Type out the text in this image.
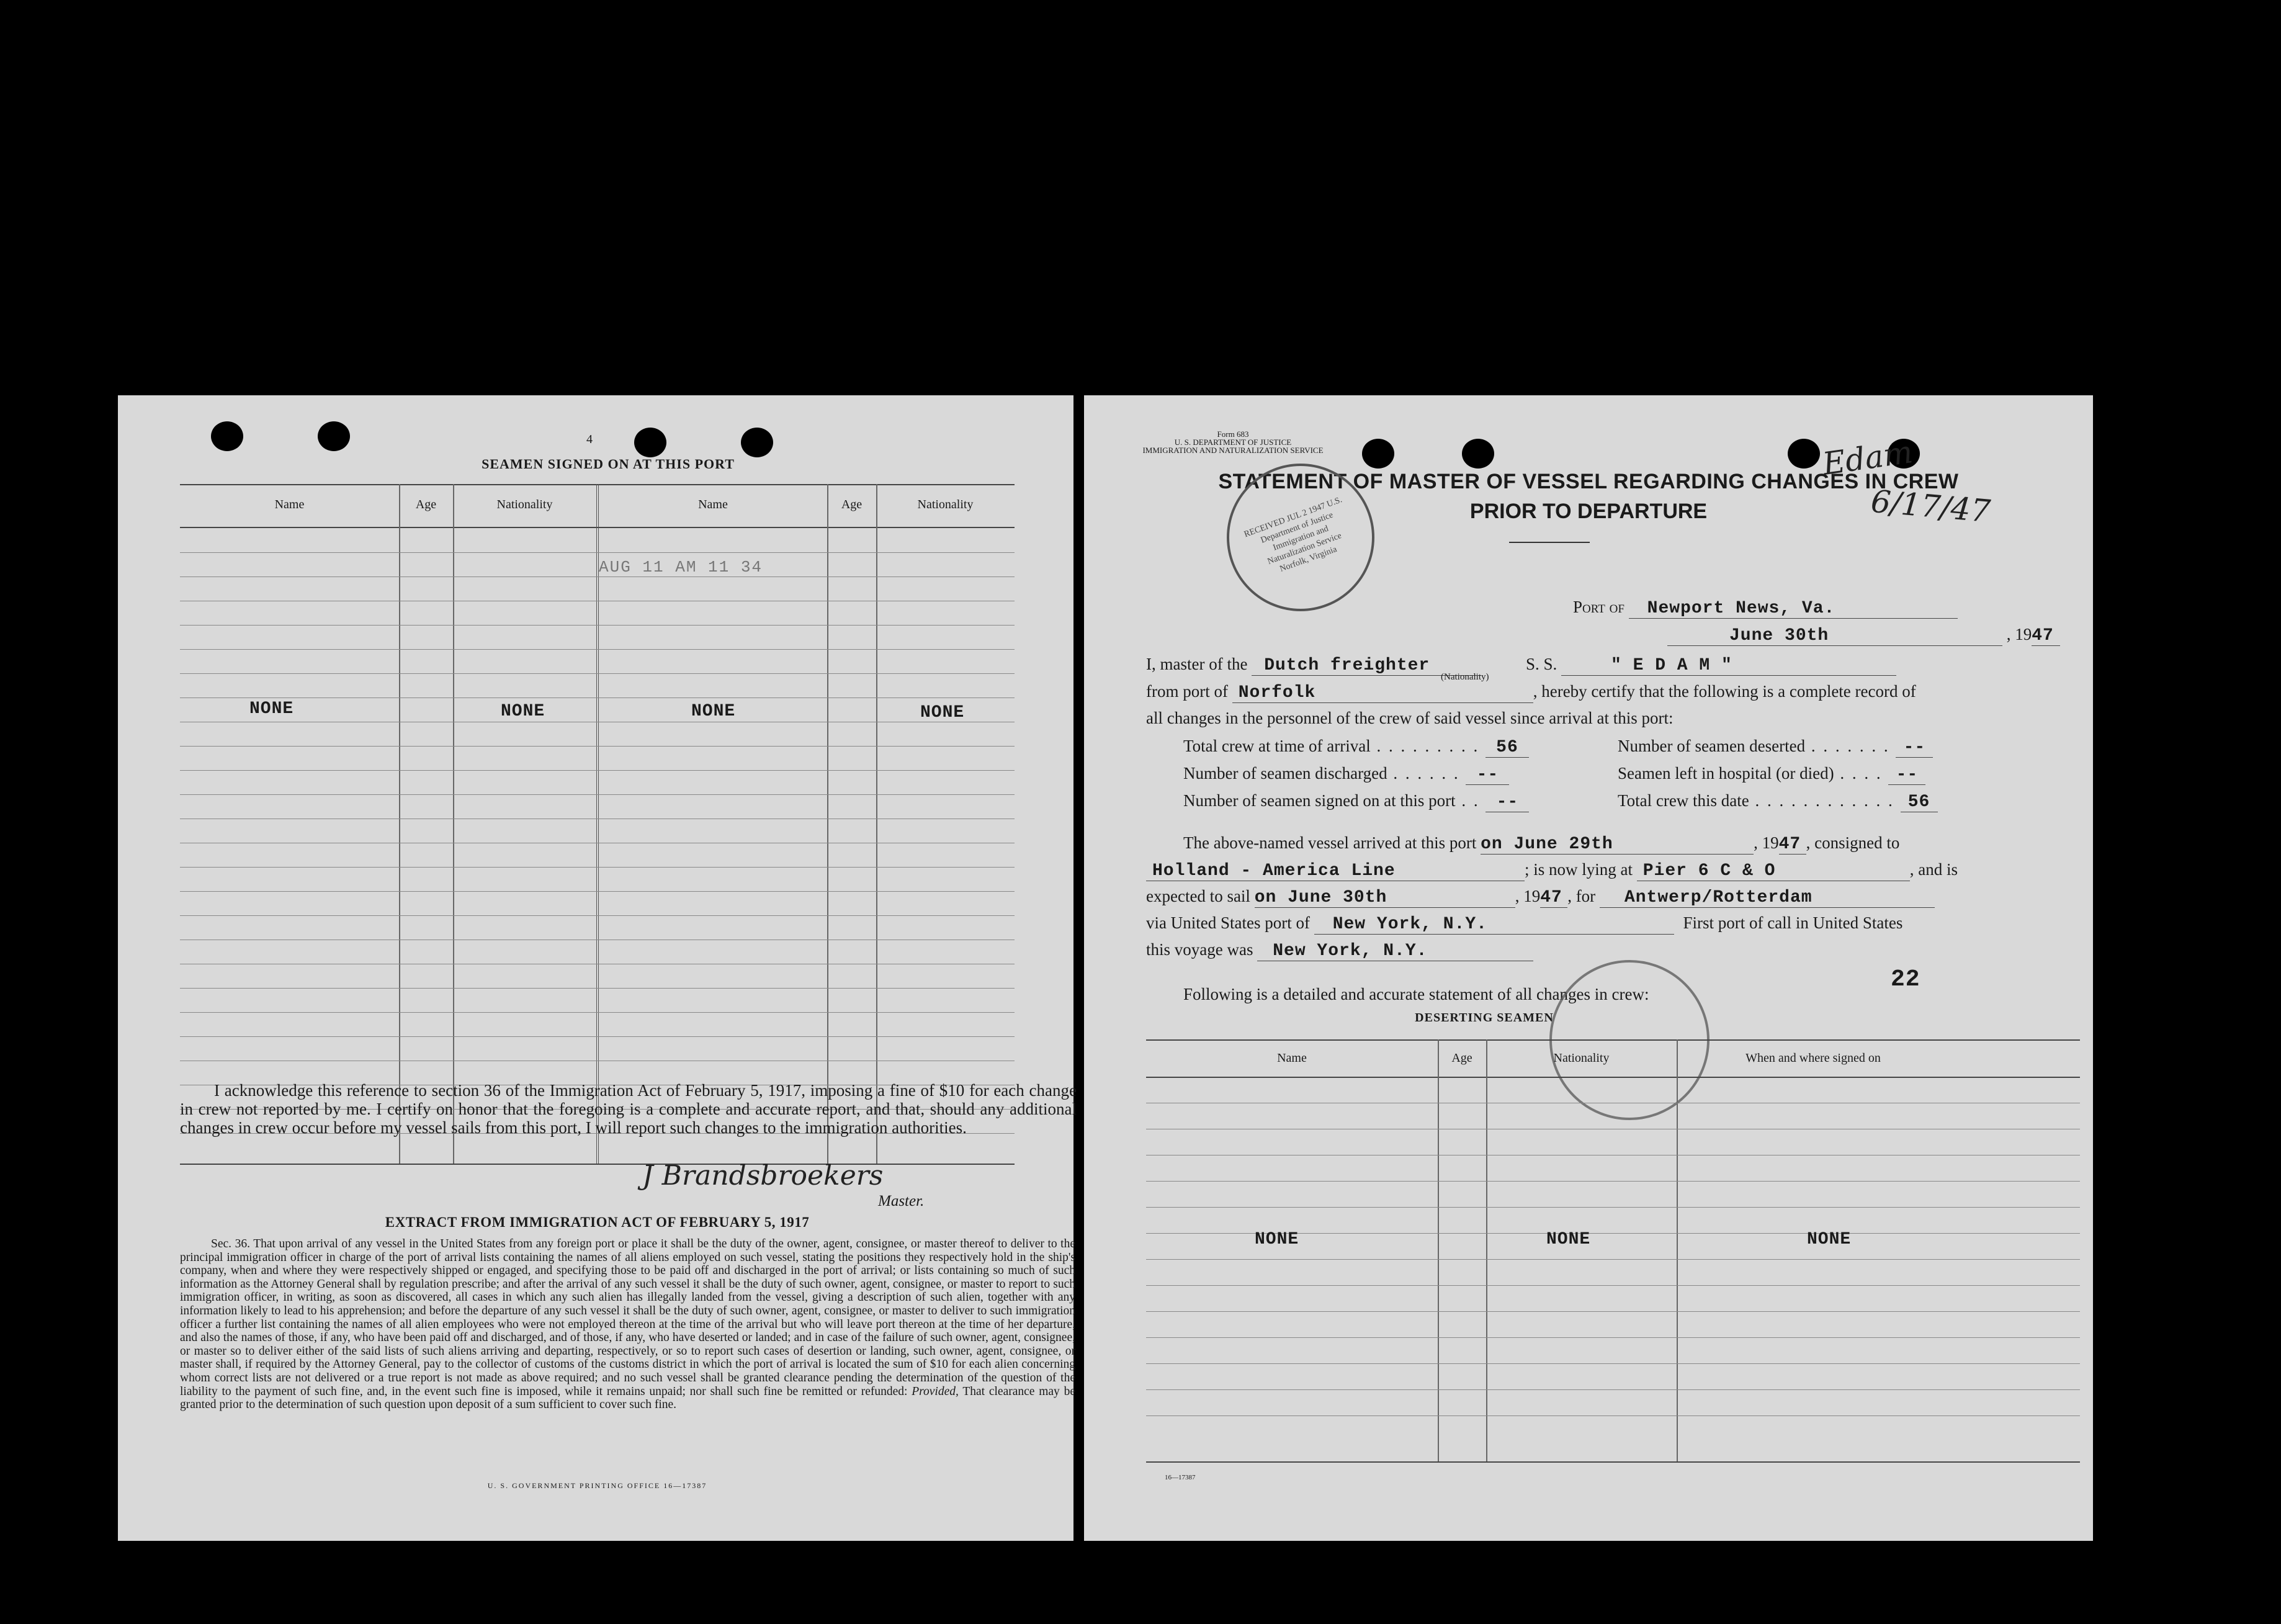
4
SEAMEN SIGNED ON AT THIS PORT
Name	Age	Nationality	Name	Age	Nationality
NONE	NONE	NONE	NONE
AUG 11 AM 11 34
I acknowledge this reference to section 36 of the Immigration Act of February 5, 1917, imposing a fine of $10 for each change in crew not reported by me. I certify on honor that the foregoing is a complete and accurate report, and that, should any additional changes in crew occur before my vessel sails from this port, I will report such changes to the immigration authorities.
J Brandsbroekers
Master.
EXTRACT FROM IMMIGRATION ACT OF FEBRUARY 5, 1917
Sec. 36. That upon arrival of any vessel in the United States from any foreign port or place it shall be the duty of the owner, agent, consignee, or master thereof to deliver to the principal immigration officer in charge of the port of arrival lists containing the names of all aliens employed on such vessel, stating the positions they respectively hold in the ship's company, when and where they were respectively shipped or engaged, and specifying those to be paid off and discharged in the port of arrival; or lists containing so much of such information as the Attorney General shall by regulation prescribe; and after the arrival of any such vessel it shall be the duty of such owner, agent, consignee, or master to report to such immigration officer, in writing, as soon as discovered, all cases in which any such alien has illegally landed from the vessel, giving a description of such alien, together with any information likely to lead to his apprehension; and before the departure of any such vessel it shall be the duty of such owner, agent, consignee, or master to deliver to such immigration officer a further list containing the names of all alien employees who were not employed thereon at the time of the arrival but who will leave port thereon at the time of her departure, and also the names of those, if any, who have been paid off and discharged, and of those, if any, who have deserted or landed; and in case of the failure of such owner, agent, consignee, or master so to deliver either of the said lists of such aliens arriving and departing, respectively, or so to report such cases of desertion or landing, such owner, agent, consignee, or master shall, if required by the Attorney General, pay to the collector of customs of the customs district in which the port of arrival is located the sum of $10 for each alien concerning whom correct lists are not delivered or a true report is not made as above required; and no such vessel shall be granted clearance pending the determination of the question of the liability to the payment of such fine, and, in the event such fine is imposed, while it remains unpaid; nor shall such fine be remitted or refunded: Provided, That clearance may be granted prior to the determination of such question upon deposit of a sum sufficient to cover such fine.
U. S. GOVERNMENT PRINTING OFFICE 16—17387
Form 683
U. S. DEPARTMENT OF JUSTICE
IMMIGRATION AND NATURALIZATION SERVICE
STATEMENT OF MASTER OF VESSEL REGARDING CHANGES IN CREW
PRIOR TO DEPARTURE
Edam
6/17/47
RECEIVED JUL 2 1947 U.S. Department of Justice Immigration and Naturalization Service Norfolk, Virginia
Port of Newport News, Va.
June 30th	, 1947
I, master of the Dutch freighter	S. S.	" E D A M "
(Nationality)
from port of Norfolk	, hereby certify that the following is a complete record of
all changes in the personnel of the crew of said vessel since arrival at this port:
Total crew at time of arrival . . . . . . . . . 56	Number of seamen deserted . . . . . . . --
Number of seamen discharged . . . . . . --	Seamen left in hospital (or died) . . . . --
Number of seamen signed on at this port . . --	Total crew this date . . . . . . . . . . . . 56
The above-named vessel arrived at this port on June 29th	, 1947 , consigned to
Holland - America Line	; is now lying at Pier 6 C & O	, and is
expected to sail on June 30th	, 1947 , for Antwerp/Rotterdam
via United States port of New York, N.Y.	First port of call in United States
this voyage was New York, N.Y.
22
Following is a detailed and accurate statement of all changes in crew:
DESERTING SEAMEN
Name	Age	Nationality	When and where signed on
NONE	NONE	NONE
16—17387
